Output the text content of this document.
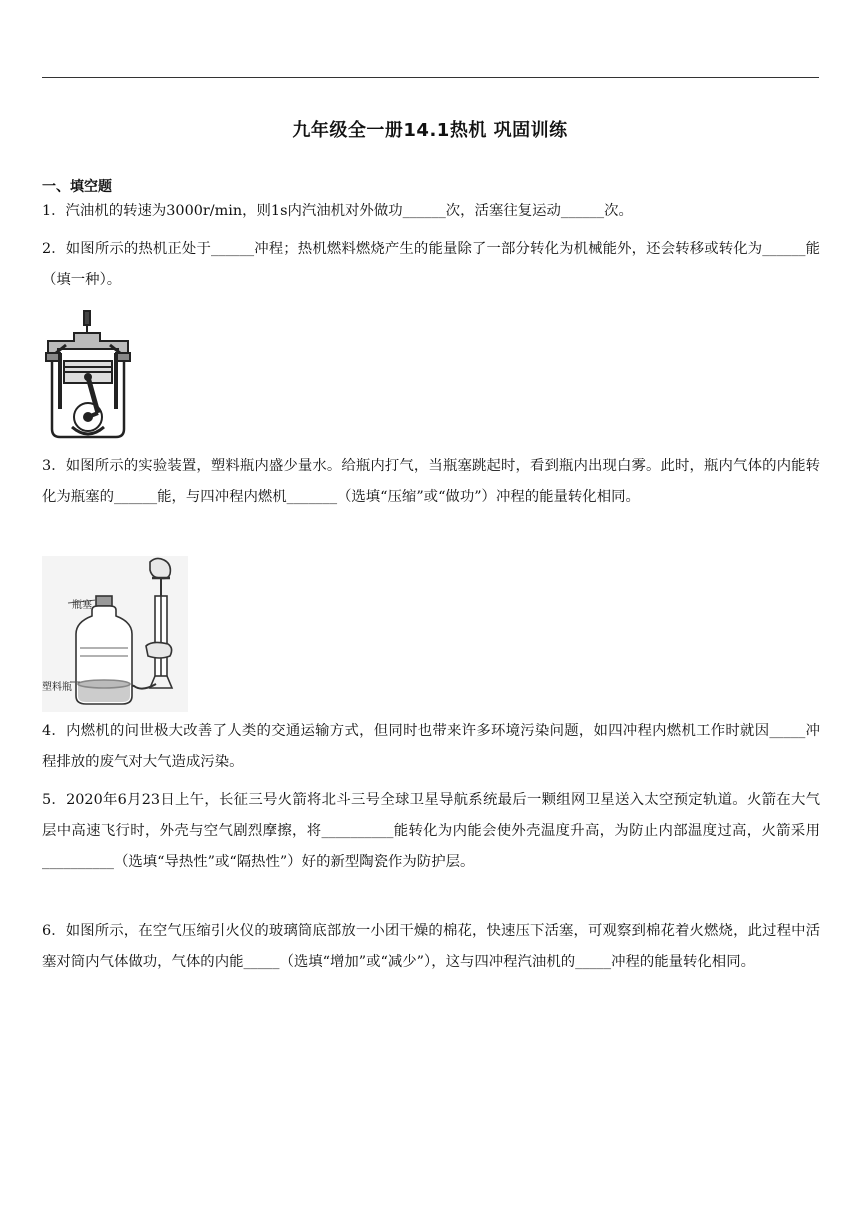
九年级全一册14.1热机 巩固训练
一、填空题
1．汽油机的转速为3000r/min，则1s内汽油机对外做功______次，活塞往复运动______次。
2．如图所示的热机正处于______冲程；热机燃料燃烧产生的能量除了一部分转化为机械能外，还会转移或转化为______能（填一种）。
3．如图所示的实验装置，塑料瓶内盛少量水。给瓶内打气，当瓶塞跳起时，看到瓶内出现白雾。此时，瓶内气体的内能转化为瓶塞的______能，与四冲程内燃机_______（选填“压缩”或“做功”）冲程的能量转化相同。
瓶塞
塑料瓶
4．内燃机的问世极大改善了人类的交通运输方式，但同时也带来许多环境污染问题，如四冲程内燃机工作时就因_____冲程排放的废气对大气造成污染。
5．2020年6月23日上午，长征三号火箭将北斗三号全球卫星导航系统最后一颗组网卫星送入太空预定轨道。火箭在大气层中高速飞行时，外壳与空气剧烈摩擦，将__________能转化为内能会使外壳温度升高，为防止内部温度过高，火箭采用__________（选填“导热性”或“隔热性”）好的新型陶瓷作为防护层。
6．如图所示，在空气压缩引火仪的玻璃筒底部放一小团干燥的棉花，快速压下活塞，可观察到棉花着火燃烧，此过程中活塞对筒内气体做功，气体的内能_____（选填“增加”或“减少”），这与四冲程汽油机的_____冲程的能量转化相同。
